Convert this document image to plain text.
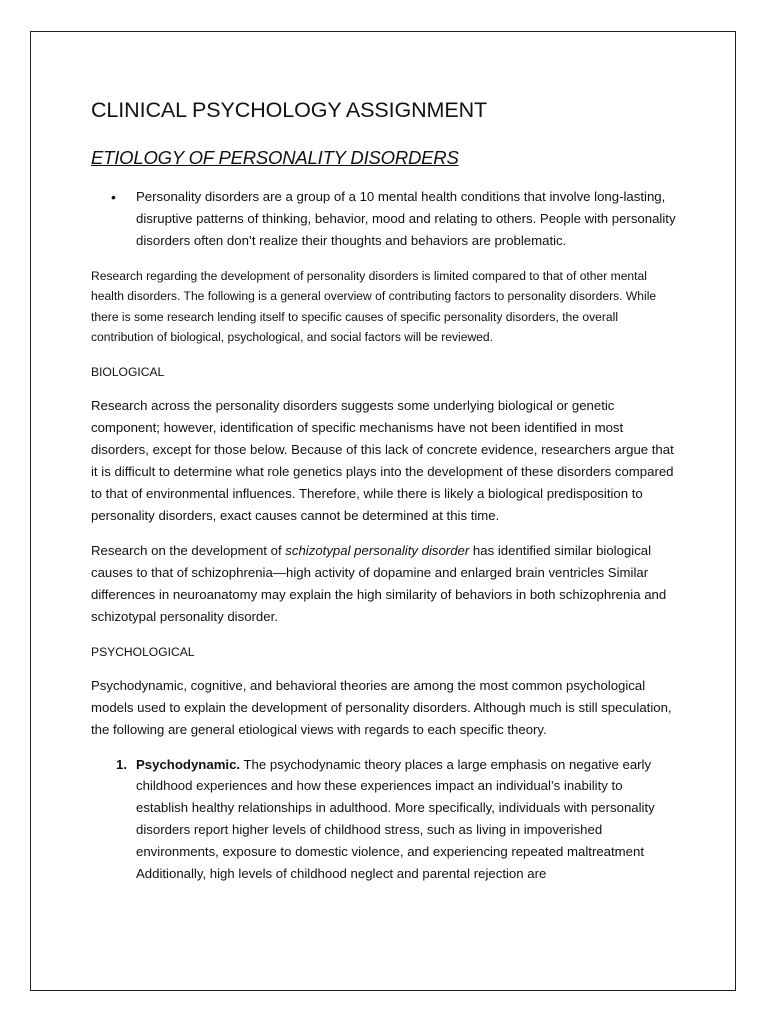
CLINICAL PSYCHOLOGY ASSIGNMENT
ETIOLOGY OF PERSONALITY DISORDERS
• Personality disorders are a group of a 10 mental health conditions that involve long-lasting, disruptive patterns of thinking, behavior, mood and relating to others. People with personality disorders often don’t realize their thoughts and behaviors are problematic.

Research regarding the development of personality disorders is limited compared to that of other mental health disorders. The following is a general overview of contributing factors to personality disorders. While there is some research lending itself to specific causes of specific personality disorders, the overall contribution of biological, psychological, and social factors will be reviewed.

BIOLOGICAL

Research across the personality disorders suggests some underlying biological or genetic component; however, identification of specific mechanisms have not been identified in most disorders, except for those below. Because of this lack of concrete evidence, researchers argue that it is difficult to determine what role genetics plays into the development of these disorders compared to that of environmental influences. Therefore, while there is likely a biological predisposition to personality disorders, exact causes cannot be determined at this time.

Research on the development of schizotypal personality disorder has identified similar biological causes to that of schizophrenia—high activity of dopamine and enlarged brain ventricles Similar differences in neuroanatomy may explain the high similarity of behaviors in both schizophrenia and schizotypal personality disorder.

PSYCHOLOGICAL

Psychodynamic, cognitive, and behavioral theories are among the most common psychological models used to explain the development of personality disorders. Although much is still speculation, the following are general etiological views with regards to each specific theory.

1. Psychodynamic. The psychodynamic theory places a large emphasis on negative early childhood experiences and how these experiences impact an individual’s inability to establish healthy relationships in adulthood. More specifically, individuals with personality disorders report higher levels of childhood stress, such as living in impoverished environments, exposure to domestic violence, and experiencing repeated maltreatment Additionally, high levels of childhood neglect and parental rejection are
